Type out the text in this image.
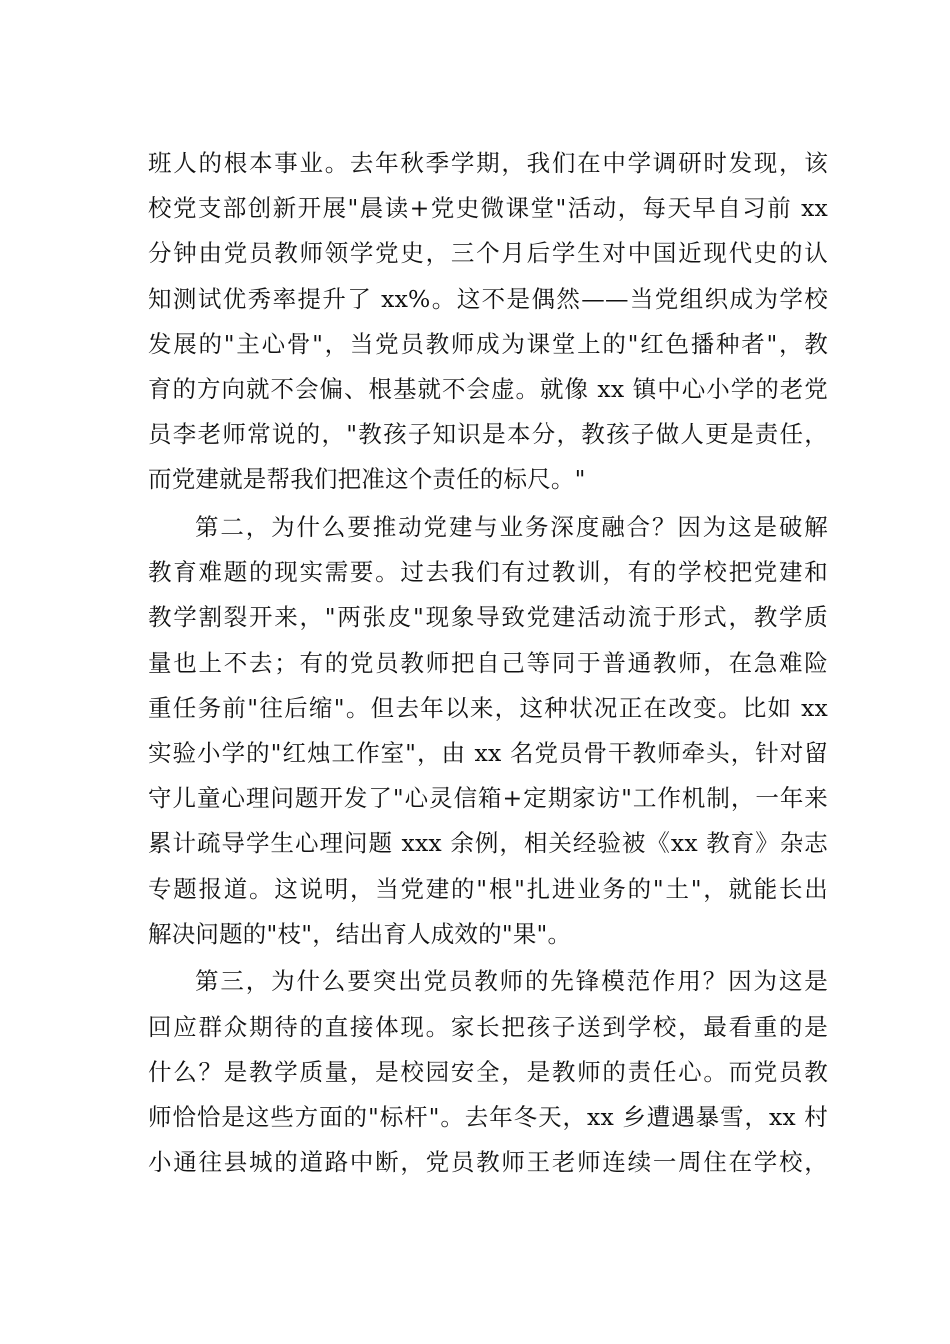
班人的根本事业。去年秋季学期，我们在中学调研时发现，该
校党支部创新开展"晨读+党史微课堂"活动，每天早自习前 xx
分钟由党员教师领学党史，三个月后学生对中国近现代史的认
知测试优秀率提升了 xx%。这不是偶然——当党组织成为学校
发展的"主心骨"，当党员教师成为课堂上的"红色播种者"，教
育的方向就不会偏、根基就不会虚。就像 xx 镇中心小学的老党
员李老师常说的，"教孩子知识是本分，教孩子做人更是责任，
而党建就是帮我们把准这个责任的标尺。"
第二，为什么要推动党建与业务深度融合？因为这是破解
教育难题的现实需要。过去我们有过教训，有的学校把党建和
教学割裂开来，"两张皮"现象导致党建活动流于形式，教学质
量也上不去；有的党员教师把自己等同于普通教师，在急难险
重任务前"往后缩"。但去年以来，这种状况正在改变。比如 xx
实验小学的"红烛工作室"，由 xx 名党员骨干教师牵头，针对留
守儿童心理问题开发了"心灵信箱+定期家访"工作机制，一年来
累计疏导学生心理问题 xxx 余例，相关经验被《xx 教育》杂志
专题报道。这说明，当党建的"根"扎进业务的"土"，就能长出
解决问题的"枝"，结出育人成效的"果"。
第三，为什么要突出党员教师的先锋模范作用？因为这是
回应群众期待的直接体现。家长把孩子送到学校，最看重的是
什么？是教学质量，是校园安全，是教师的责任心。而党员教
师恰恰是这些方面的"标杆"。去年冬天，xx 乡遭遇暴雪，xx 村
小通往县城的道路中断，党员教师王老师连续一周住在学校，
